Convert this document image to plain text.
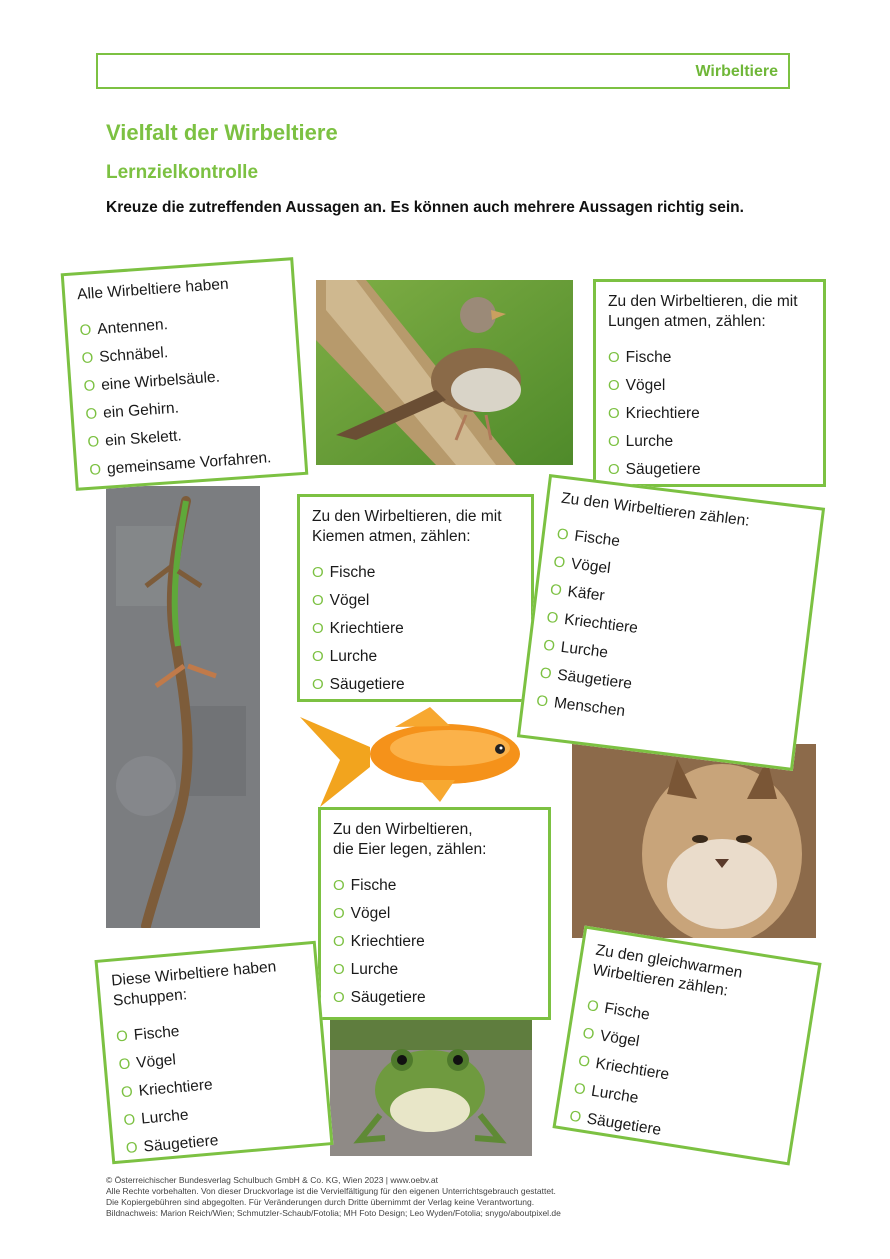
Wirbeltiere
Vielfalt der Wirbeltiere
Lernzielkontrolle
Kreuze die zutreffenden Aussagen an. Es können auch mehrere Aussagen richtig sein.
Alle Wirbeltiere haben
O Antennen.
O Schnäbel.
O eine Wirbelsäule.
O ein Gehirn.
O ein Skelett.
O gemeinsame Vorfahren.
Zu den Wirbeltieren, die mit
Lungen atmen, zählen:
O Fische
O Vögel
O Kriechtiere
O Lurche
O Säugetiere
Zu den Wirbeltieren, die mit
Kiemen atmen, zählen:
O Fische
O Vögel
O Kriechtiere
O Lurche
O Säugetiere
Zu den Wirbeltieren zählen:
O Fische
O Vögel
O Käfer
O Kriechtiere
O Lurche
O Säugetiere
O Menschen
Zu den Wirbeltieren,
die Eier legen, zählen:
O Fische
O Vögel
O Kriechtiere
O Lurche
O Säugetiere
Diese Wirbeltiere haben
Schuppen:
O Fische
O Vögel
O Kriechtiere
O Lurche
O Säugetiere
Zu den gleichwarmen
Wirbeltieren zählen:
O Fische
O Vögel
O Kriechtiere
O Lurche
O Säugetiere
© Österreichischer Bundesverlag Schulbuch GmbH & Co. KG, Wien 2023 | www.oebv.at
Alle Rechte vorbehalten. Von dieser Druckvorlage ist die Vervielfältigung für den eigenen Unterrichtsgebrauch gestattet.
Die Kopiergebühren sind abgegolten. Für Veränderungen durch Dritte übernimmt der Verlag keine Verantwortung.
Bildnachweis: Marion Reich/Wien; Schmutzler-Schaub/Fotolia; MH Foto Design; Leo Wyden/Fotolia; snygo/aboutpixel.de
